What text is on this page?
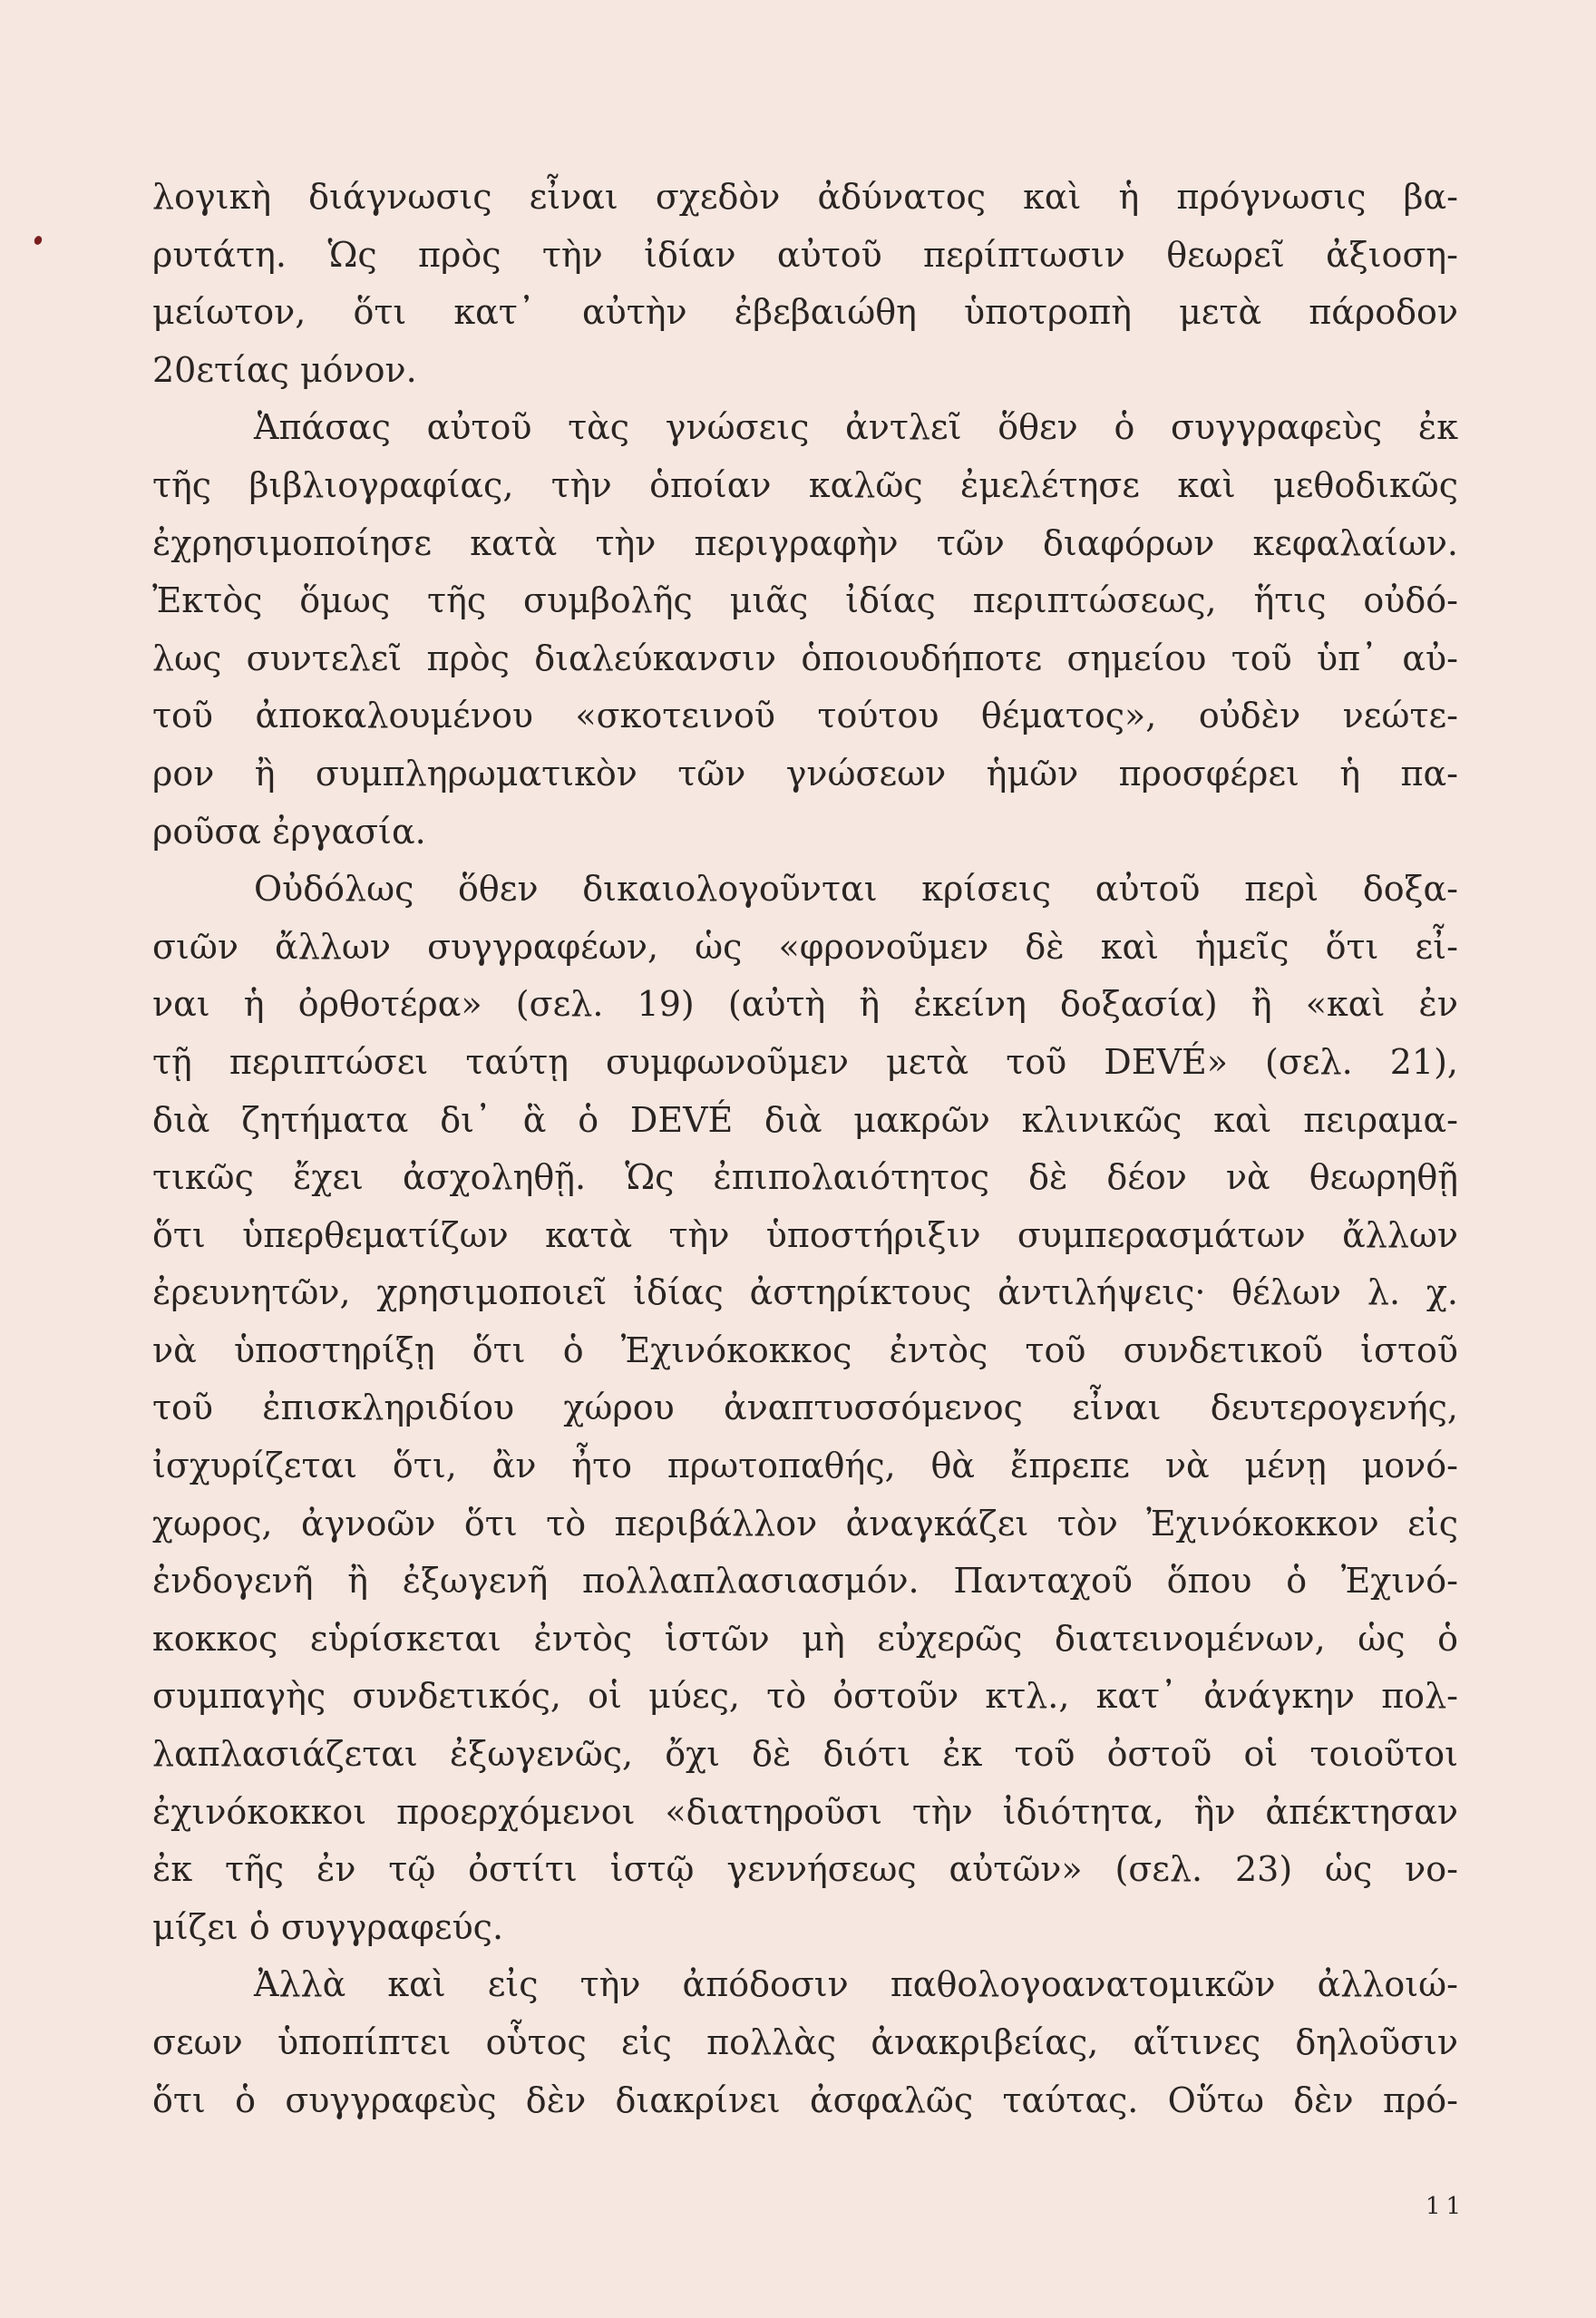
λογικὴ διάγνωσις εἶναι σχεδὸν ἀδύνατος καὶ ἡ πρόγνωσις βα-
ρυτάτη. Ὡς πρὸς τὴν ἰδίαν αὐτοῦ περίπτωσιν θεωρεῖ ἀξιοση-
μείωτον, ὅτι κατ᾽ αὐτὴν ἐβεβαιώθη ὑποτροπὴ μετὰ πάροδον
20ετίας μόνον.
Ἁπάσας αὐτοῦ τὰς γνώσεις ἀντλεῖ ὅθεν ὁ συγγραφεὺς ἐκ
τῆς βιβλιογραφίας, τὴν ὁποίαν καλῶς ἐμελέτησε καὶ μεθοδικῶς
ἐχρησιμοποίησε κατὰ τὴν περιγραφὴν τῶν διαφόρων κεφαλαίων.
Ἐκτὸς ὅμως τῆς συμβολῆς μιᾶς ἰδίας περιπτώσεως, ἥτις οὐδό-
λως συντελεῖ πρὸς διαλεύκανσιν ὁποιουδήποτε σημείου τοῦ ὑπ᾽ αὐ-
τοῦ ἀποκαλουμένου «σκοτεινοῦ τούτου θέματος», οὐδὲν νεώτε-
ρον ἢ συμπληρωματικὸν τῶν γνώσεων ἡμῶν προσφέρει ἡ πα-
ροῦσα ἐργασία.
Οὐδόλως ὅθεν δικαιολογοῦνται κρίσεις αὐτοῦ περὶ δοξα-
σιῶν ἄλλων συγγραφέων, ὡς «φρονοῦμεν δὲ καὶ ἡμεῖς ὅτι εἶ-
ναι ἡ ὀρθοτέρα» (σελ. 19) (αὐτὴ ἢ ἐκείνη δοξασία) ἢ «καὶ ἐν
τῇ περιπτώσει ταύτῃ συμφωνοῦμεν μετὰ τοῦ DEVÉ» (σελ. 21),
διὰ ζητήματα δι᾽ ἃ ὁ DEVÉ διὰ μακρῶν κλινικῶς καὶ πειραμα-
τικῶς ἔχει ἀσχοληθῇ. Ὡς ἐπιπολαιότητος δὲ δέον νὰ θεωρηθῇ
ὅτι ὑπερθεματίζων κατὰ τὴν ὑποστήριξιν συμπερασμάτων ἄλλων
ἐρευνητῶν, χρησιμοποιεῖ ἰδίας ἀστηρίκτους ἀντιλήψεις· θέλων λ. χ.
νὰ ὑποστηρίξῃ ὅτι ὁ Ἐχινόκοκκος ἐντὸς τοῦ συνδετικοῦ ἱστοῦ
τοῦ ἐπισκληριδίου χώρου ἀναπτυσσόμενος εἶναι δευτερογενής,
ἰσχυρίζεται ὅτι, ἂν ἦτο πρωτοπαθής, θὰ ἔπρεπε νὰ μένῃ μονό-
χωρος, ἀγνοῶν ὅτι τὸ περιβάλλον ἀναγκάζει τὸν Ἐχινόκοκκον εἰς
ἐνδογενῆ ἢ ἐξωγενῆ πολλαπλασιασμόν. Πανταχοῦ ὅπου ὁ Ἐχινό-
κοκκος εὑρίσκεται ἐντὸς ἱστῶν μὴ εὐχερῶς διατεινομένων, ὡς ὁ
συμπαγὴς συνδετικός, οἱ μύες, τὸ ὀστοῦν κτλ., κατ᾽ ἀνάγκην πολ-
λαπλασιάζεται ἐξωγενῶς, ὄχι δὲ διότι ἐκ τοῦ ὀστοῦ οἱ τοιοῦτοι
ἐχινόκοκκοι προερχόμενοι «διατηροῦσι τὴν ἰδιότητα, ἣν ἀπέκτησαν
ἐκ τῆς ἐν τῷ ὀστίτι ἱστῷ γεννήσεως αὐτῶν» (σελ. 23) ὡς νο-
μίζει ὁ συγγραφεύς.
Ἀλλὰ καὶ εἰς τὴν ἀπόδοσιν παθολογοανατομικῶν ἀλλοιώ-
σεων ὑποπίπτει οὗτος εἰς πολλὰς ἀνακριβείας, αἵτινες δηλοῦσιν
ὅτι ὁ συγγραφεὺς δὲν διακρίνει ἀσφαλῶς ταύτας. Οὕτω δὲν πρό-
11
